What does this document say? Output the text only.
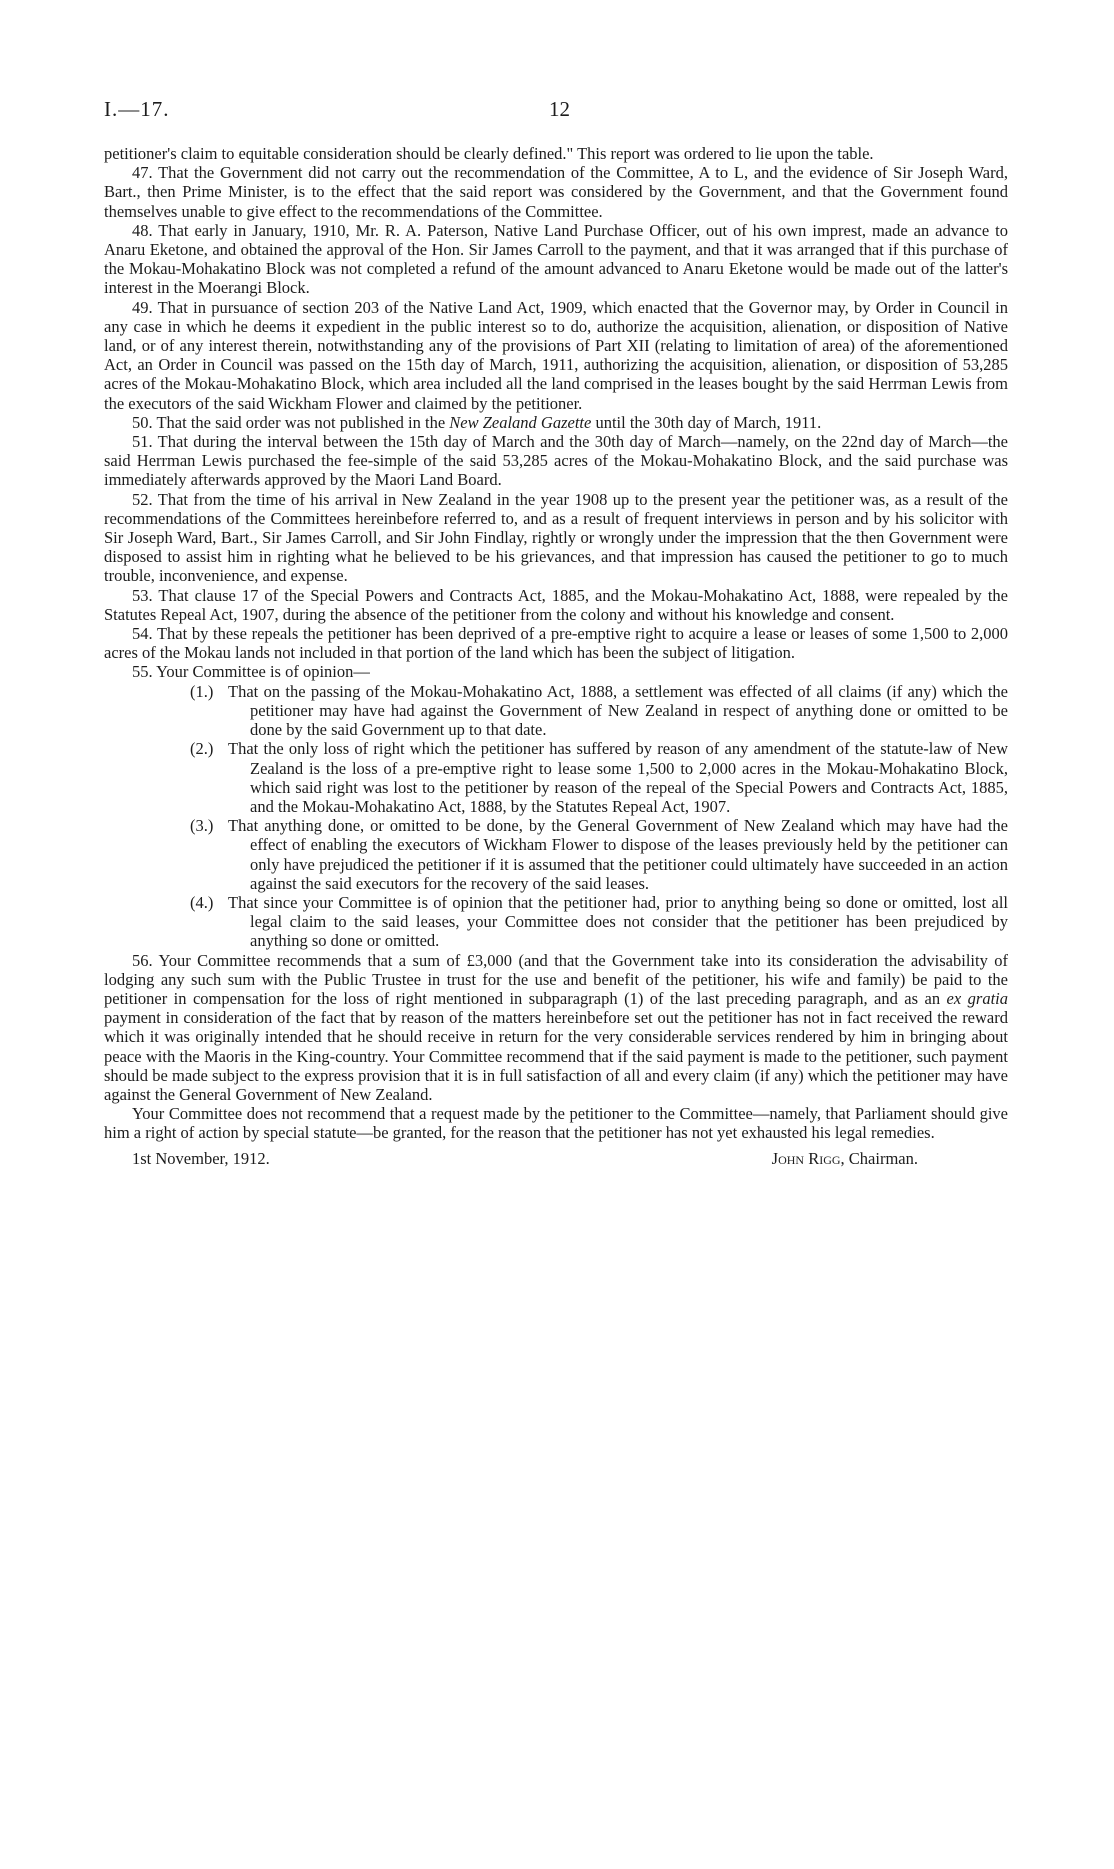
I.—17.	12

petitioner's claim to equitable consideration should be clearly defined." This report was ordered to lie upon the table.

47. That the Government did not carry out the recommendation of the Committee, A to L, and the evidence of Sir Joseph Ward, Bart., then Prime Minister, is to the effect that the said report was considered by the Government, and that the Government found themselves unable to give effect to the recommendations of the Committee.

48. That early in January, 1910, Mr. R. A. Paterson, Native Land Purchase Officer, out of his own imprest, made an advance to Anaru Eketone, and obtained the approval of the Hon. Sir James Carroll to the payment, and that it was arranged that if this purchase of the Mokau-Mohakatino Block was not completed a refund of the amount advanced to Anaru Eketone would be made out of the latter's interest in the Moerangi Block.

49. That in pursuance of section 203 of the Native Land Act, 1909, which enacted that the Governor may, by Order in Council in any case in which he deems it expedient in the public interest so to do, authorize the acquisition, alienation, or disposition of Native land, or of any interest therein, notwithstanding any of the provisions of Part XII (relating to limitation of area) of the aforementioned Act, an Order in Council was passed on the 15th day of March, 1911, authorizing the acquisition, alienation, or disposition of 53,285 acres of the Mokau-Mohakatino Block, which area included all the land comprised in the leases bought by the said Herrman Lewis from the executors of the said Wickham Flower and claimed by the petitioner.

50. That the said order was not published in the New Zealand Gazette until the 30th day of March, 1911.

51. That during the interval between the 15th day of March and the 30th day of March—namely, on the 22nd day of March—the said Herrman Lewis purchased the fee-simple of the said 53,285 acres of the Mokau-Mohakatino Block, and the said purchase was immediately afterwards approved by the Maori Land Board.

52. That from the time of his arrival in New Zealand in the year 1908 up to the present year the petitioner was, as a result of the recommendations of the Committees hereinbefore referred to, and as a result of frequent interviews in person and by his solicitor with Sir Joseph Ward, Bart., Sir James Carroll, and Sir John Findlay, rightly or wrongly under the impression that the then Government were disposed to assist him in righting what he believed to be his grievances, and that impression has caused the petitioner to go to much trouble, inconvenience, and expense.

53. That clause 17 of the Special Powers and Contracts Act, 1885, and the Mokau-Mohakatino Act, 1888, were repealed by the Statutes Repeal Act, 1907, during the absence of the petitioner from the colony and without his knowledge and consent.

54. That by these repeals the petitioner has been deprived of a pre-emptive right to acquire a lease or leases of some 1,500 to 2,000 acres of the Mokau lands not included in that portion of the land which has been the subject of litigation.

55. Your Committee is of opinion—

(1.) That on the passing of the Mokau-Mohakatino Act, 1888, a settlement was effected of all claims (if any) which the petitioner may have had against the Government of New Zealand in respect of anything done or omitted to be done by the said Government up to that date.
(2.) That the only loss of right which the petitioner has suffered by reason of any amendment of the statute-law of New Zealand is the loss of a pre-emptive right to lease some 1,500 to 2,000 acres in the Mokau-Mohakatino Block, which said right was lost to the petitioner by reason of the repeal of the Special Powers and Contracts Act, 1885, and the Mokau-Mohakatino Act, 1888, by the Statutes Repeal Act, 1907.
(3.) That anything done, or omitted to be done, by the General Government of New Zealand which may have had the effect of enabling the executors of Wickham Flower to dispose of the leases previously held by the petitioner can only have prejudiced the petitioner if it is assumed that the petitioner could ultimately have succeeded in an action against the said executors for the recovery of the said leases.
(4.) That since your Committee is of opinion that the petitioner had, prior to anything being so done or omitted, lost all legal claim to the said leases, your Committee does not consider that the petitioner has been prejudiced by anything so done or omitted.

56. Your Committee recommends that a sum of £3,000 (and that the Government take into its consideration the advisability of lodging any such sum with the Public Trustee in trust for the use and benefit of the petitioner, his wife and family) be paid to the petitioner in compensation for the loss of right mentioned in subparagraph (1) of the last preceding paragraph, and as an ex gratia payment in consideration of the fact that by reason of the matters hereinbefore set out the petitioner has not in fact received the reward which it was originally intended that he should receive in return for the very considerable services rendered by him in bringing about peace with the Maoris in the King-country. Your Committee recommend that if the said payment is made to the petitioner, such payment should be made subject to the express provision that it is in full satisfaction of all and every claim (if any) which the petitioner may have against the General Government of New Zealand.

Your Committee does not recommend that a request made by the petitioner to the Committee—namely, that Parliament should give him a right of action by special statute—be granted, for the reason that the petitioner has not yet exhausted his legal remedies.

1st November, 1912.	John Rigg, Chairman.
